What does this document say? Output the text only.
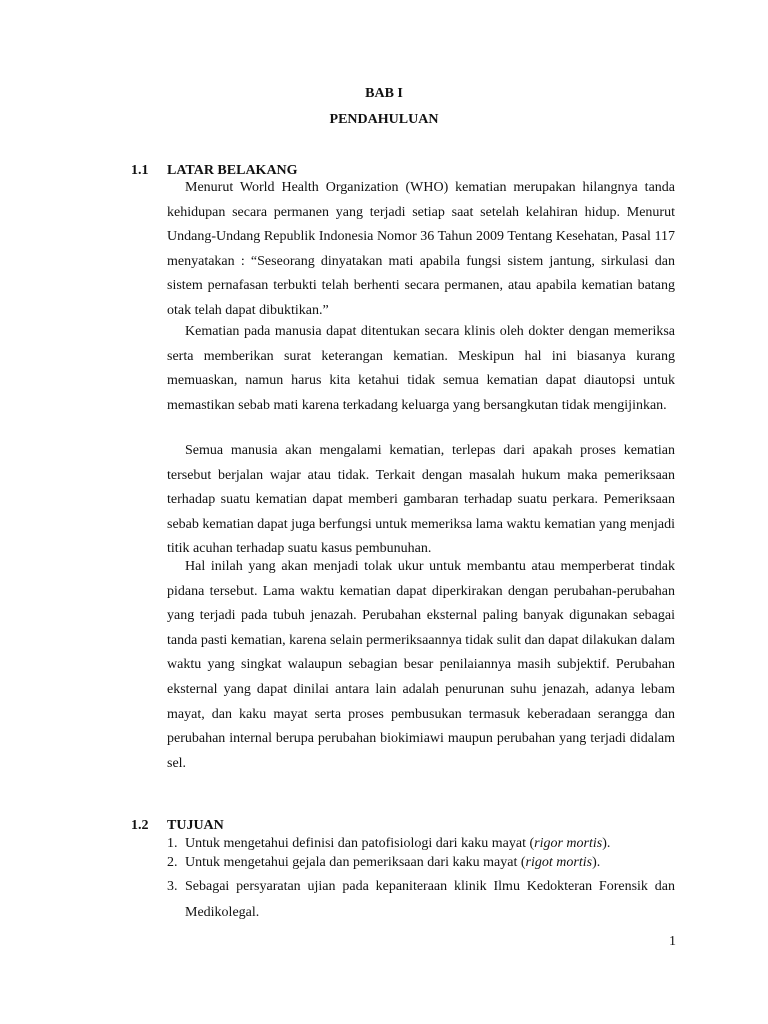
BAB I
PENDAHULUAN
1.1 LATAR BELAKANG

Menurut World Health Organization (WHO) kematian merupakan hilangnya tanda kehidupan secara permanen yang terjadi setiap saat setelah kelahiran hidup. Menurut Undang-Undang Republik Indonesia Nomor 36 Tahun 2009 Tentang Kesehatan, Pasal 117 menyatakan : “Seseorang dinyatakan mati apabila fungsi sistem jantung, sirkulasi dan sistem pernafasan terbukti telah berhenti secara permanen, atau apabila kematian batang otak telah dapat dibuktikan.”

Kematian pada manusia dapat ditentukan secara klinis oleh dokter dengan memeriksa serta memberikan surat keterangan kematian. Meskipun hal ini biasanya kurang memuaskan, namun harus kita ketahui tidak semua kematian dapat diautopsi untuk memastikan sebab mati karena terkadang keluarga yang bersangkutan tidak mengijinkan.

Semua manusia akan mengalami kematian, terlepas dari apakah proses kematian tersebut berjalan wajar atau tidak. Terkait dengan masalah hukum maka pemeriksaan terhadap suatu kematian dapat memberi gambaran terhadap suatu perkara. Pemeriksaan sebab kematian dapat juga berfungsi untuk memeriksa lama waktu kematian yang menjadi titik acuhan terhadap suatu kasus pembunuhan.

Hal inilah yang akan menjadi tolak ukur untuk membantu atau memperberat tindak pidana tersebut. Lama waktu kematian dapat diperkirakan dengan perubahan-perubahan yang terjadi pada tubuh jenazah. Perubahan eksternal paling banyak digunakan sebagai tanda pasti kematian, karena selain permeriksaannya tidak sulit dan dapat dilakukan dalam waktu yang singkat walaupun sebagian besar penilaiannya masih subjektif. Perubahan eksternal yang dapat dinilai antara lain adalah penurunan suhu jenazah, adanya lebam mayat, dan kaku mayat serta proses pembusukan termasuk keberadaan serangga dan perubahan internal berupa perubahan biokimiawi maupun perubahan yang terjadi didalam sel.

1.2 TUJUAN
1. Untuk mengetahui definisi dan patofisiologi dari kaku mayat (rigor mortis).
2. Untuk mengetahui gejala dan pemeriksaan dari kaku mayat (rigot mortis).
3. Sebagai persyaratan ujian pada kepaniteraan klinik Ilmu Kedokteran Forensik dan Medikolegal.
1
